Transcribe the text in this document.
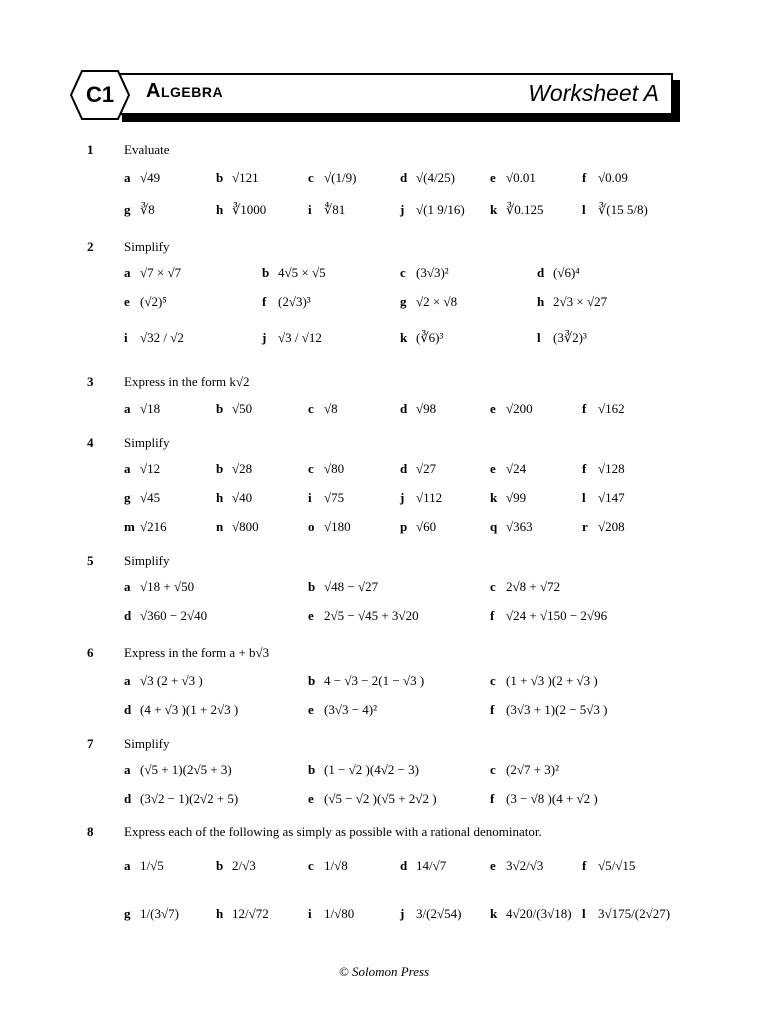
C1	Algebra	Worksheet A
1 Evaluate
a √49	b √121	c √(1/9)	d √(4/25)	e √0.01	f √0.09
g ∛8	h ∛1000	i ∜81	j √(1 9/16) k ∛0.125	l ∛(15 5/8)
2 Simplify
a √7 × √7	b 4√5 × √5	c (3√3)²	d (√6)⁴
e (√2)⁵	f (2√3)³	g √2 × √8	h 2√3 × √27
i √32 / √2	j √3 / √12	k (∛6)³	l (3∛2)³
3 Express in the form k√2
a √18	b √50	c √8	d √98	e √200	f √162
4 Simplify
a √12	b √28	c √80	d √27	e √24	f √128
g √45	h √40	i √75	j √112	k √99	l √147
m √216	n √800	o √180	p √60	q √363	r √208
5 Simplify
a √18 + √50	b √48 − √27	c 2√8 + √72
d √360 − 2√40	e 2√5 − √45 + 3√20	f √24 + √150 − 2√96
6 Express in the form a + b√3
a √3 (2 + √3 )	b 4 − √3 − 2(1 − √3 )	c (1 + √3 )(2 + √3 )
d (4 + √3 )(1 + 2√3 )	e (3√3 − 4)²	f (3√3 + 1)(2 − 5√3 )
7 Simplify
a (√5 + 1)(2√5 + 3)	b (1 − √2 )(4√2 − 3)	c (2√7 + 3)²
d (3√2 − 1)(2√2 + 5)	e (√5 − √2 )(√5 + 2√2 )	f (3 − √8 )(4 + √2 )
8 Express each of the following as simply as possible with a rational denominator.
a 1/√5	b 2/√3	c 1/√8	d 14/√7	e 3√2/√3	f √5/√15
g 1/(3√7)	h 12/√72	i 1/√80	j 3/(2√54) k 4√20/(3√18) l 3√175/(2√27)
© Solomon Press
